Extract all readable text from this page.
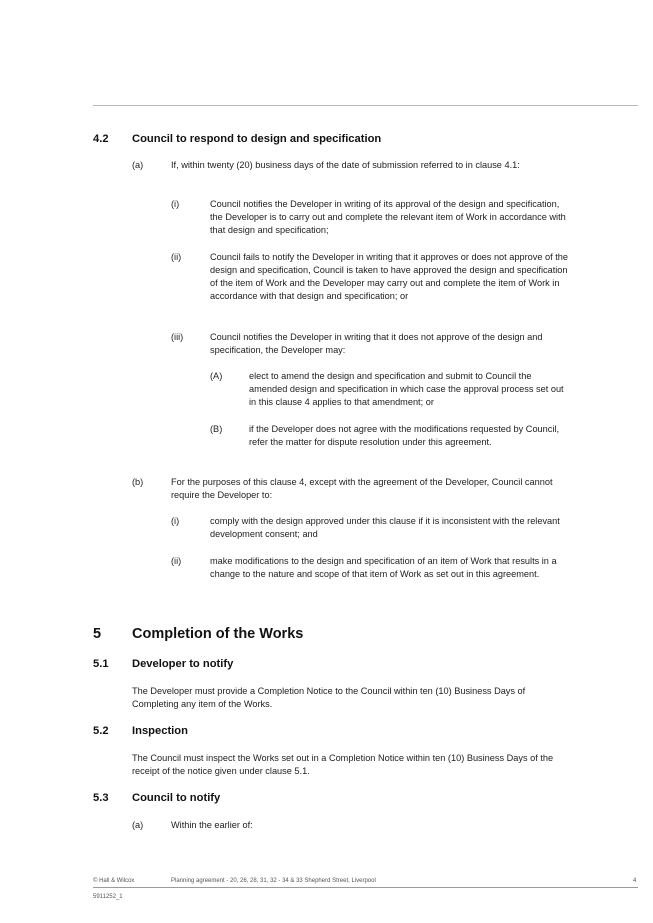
4.2 Council to respond to design and specification
(a)	If, within twenty (20) business days of the date of submission referred to in clause 4.1:
(i)	Council notifies the Developer in writing of its approval of the design and specification, the Developer is to carry out and complete the relevant item of Work in accordance with that design and specification;
(ii)	Council fails to notify the Developer in writing that it approves or does not approve of the design and specification, Council is taken to have approved the design and specification of the item of Work and the Developer may carry out and complete the item of Work in accordance with that design and specification; or
(iii)	Council notifies the Developer in writing that it does not approve of the design and specification, the Developer may:
(A)	elect to amend the design and specification and submit to Council the amended design and specification in which case the approval process set out in this clause 4 applies to that amendment; or
(B)	if the Developer does not agree with the modifications requested by Council, refer the matter for dispute resolution under this agreement.
(b)	For the purposes of this clause 4, except with the agreement of the Developer, Council cannot require the Developer to:
(i)	comply with the design approved under this clause if it is inconsistent with the relevant development consent; and
(ii)	make modifications to the design and specification of an item of Work that results in a change to the nature and scope of that item of Work as set out in this agreement.
5 Completion of the Works
5.1 Developer to notify
The Developer must provide a Completion Notice to the Council within ten (10) Business Days of Completing any item of the Works.
5.2 Inspection
The Council must inspect the Works set out in a Completion Notice within ten (10) Business Days of the receipt of the notice given under clause 5.1.
5.3 Council to notify
(a)	Within the earlier of:
© Hall & Wilcox	Planning agreement - 20, 26, 28, 31, 32 - 34 & 33 Shepherd Street, Liverpool	4
5911252_1
